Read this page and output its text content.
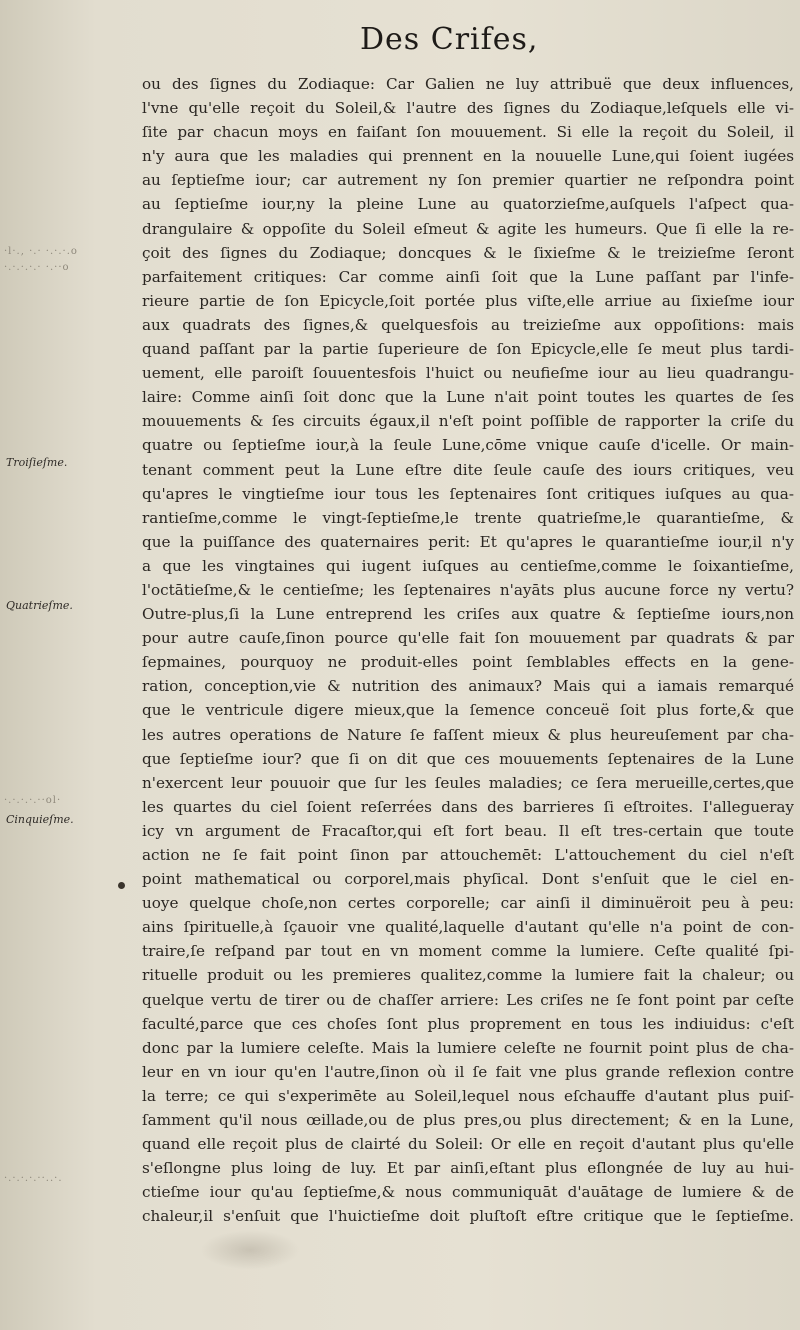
Des Crifes,
·l·., ·.· ·.·.·.o
·.·.·.·.· ·.··o
·.·.·.·.··ol·
·.·.·.·.··..·.
Troiſieſme.
Quatrieſme.
Cinquieſme.
ou des ſignes du Zodiaque: Car Galien ne luy attribuë que deux influences,
l'vne qu'elle reçoit du Soleil,& l'autre des ſignes du Zodiaque,leſquels elle vi-
ſite par chacun moys en faiſant ſon mouuement. Si elle la reçoit du Soleil, il
n'y aura que les maladies qui prennent en la nouuelle Lune,qui ſoient iugées
au ſeptieſme iour; car autrement ny ſon premier quartier ne reſpondra point
au ſeptieſme iour,ny la pleine Lune au quatorzieſme,auſquels l'aſpect qua-
drangulaire & oppoſite du Soleil eſmeut & agite les humeurs. Que ſi elle la re-
çoit des ſignes du Zodiaque; doncques & le ſixieſme & le treizieſme ſeront
parfaitement critiques: Car comme ainſi ſoit que la Lune paſſant par l'infe-
rieure partie de ſon Epicycle,ſoit portée plus viſte,elle arriue au ſixieſme iour
aux quadrats des ſignes,& quelquesfois au treizieſme aux oppoſitions: mais
quand paſſant par la partie ſuperieure de ſon Epicycle,elle ſe meut plus tardi-
uement, elle paroiſt ſouuentesfois l'huict ou neufieſme iour au lieu quadrangu-
laire: Comme ainſi ſoit donc que la Lune n'ait point toutes les quartes de ſes
mouuements & ſes circuits égaux,il n'eſt point poſſible de rapporter la criſe du
quatre ou ſeptieſme iour,à la ſeule Lune,cōme vnique cauſe d'icelle. Or main-
tenant comment peut la Lune eſtre dite ſeule cauſe des iours critiques, veu
qu'apres le vingtieſme iour tous les ſeptenaires ſont critiques iuſques au qua-
rantieſme,comme le vingt-ſeptieſme,le trente quatrieſme,le quarantieſme, &
que la puiſſance des quaternaires perit: Et qu'apres le quarantieſme iour,il n'y
a que les vingtaines qui iugent iuſques au centieſme,comme le ſoixantieſme,
l'octātieſme,& le centieſme; les ſeptenaires n'ayāts plus aucune force ny vertu?
Outre-plus,ſi la Lune entreprend les criſes aux quatre & ſeptieſme iours,non
pour autre cauſe,ſinon pource qu'elle fait ſon mouuement par quadrats & par
ſepmaines, pourquoy ne produit-elles point ſemblables effects en la gene-
ration, conception,vie & nutrition des animaux? Mais qui a iamais remarqué
que le ventricule digere mieux,que la ſemence conceuë ſoit plus forte,& que
les autres operations de Nature ſe faſſent mieux & plus heureuſement par cha-
que ſeptieſme iour? que ſi on dit que ces mouuements ſeptenaires de la Lune
n'exercent leur pouuoir que ſur les ſeules maladies; ce ſera merueille,certes,que
les quartes du ciel ſoient reſerrées dans des barrieres ſi eſtroites. I'allegueray
icy vn argument de Fracaſtor,qui eſt fort beau. Il eſt tres-certain que toute
action ne ſe fait point ſinon par attouchemēt: L'attouchement du ciel n'eſt
point mathematical ou corporel,mais phyſical. Dont s'enſuit que le ciel en-
uoye quelque choſe,non certes corporelle; car ainſi il diminuëroit peu à peu:
ains ſpirituelle,à ſçauoir vne qualité,laquelle d'autant qu'elle n'a point de con-
traire,ſe reſpand par tout en vn moment comme la lumiere. Ceſte qualité ſpi-
rituelle produit ou les premieres qualitez,comme la lumiere fait la chaleur; ou
quelque vertu de tirer ou de chaſſer arriere: Les criſes ne ſe font point par ceſte
faculté,parce que ces choſes ſont plus proprement en tous les indiuidus: c'eſt
donc par la lumiere celeſte. Mais la lumiere celeſte ne fournit point plus de cha-
leur en vn iour qu'en l'autre,ſinon où il ſe fait vne plus grande reflexion contre
la terre; ce qui s'experimēte au Soleil,lequel nous eſchauffe d'autant plus puiſ-
ſamment qu'il nous œillade,ou de plus pres,ou plus directement; & en la Lune,
quand elle reçoit plus de clairté du Soleil: Or elle en reçoit d'autant plus qu'elle
s'eſlongne plus loing de luy. Et par ainſi,eſtant plus eſlongnée de luy au hui-
ctieſme iour qu'au ſeptieſme,& nous communiquāt d'auātage de lumiere & de
chaleur,il s'enſuit que l'huictieſme doit pluſtoſt eſtre critique que le ſeptieſme.
